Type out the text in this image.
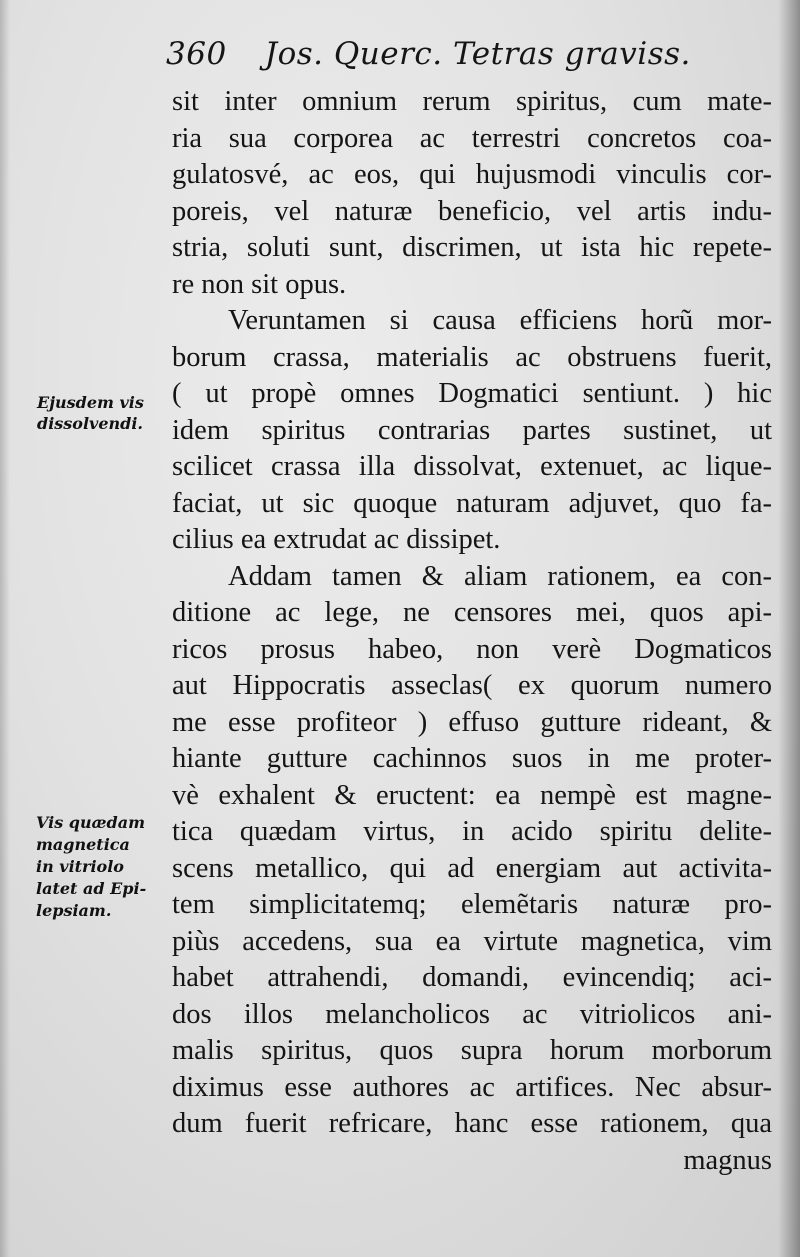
360 Jos. Querc. Tetras graviss.
Ejusdem vis
dissolvendi.
Vis quædam
magnetica
in vitriolo
latet ad Epi-
lepsiam.
sit inter omnium rerum spiritus, cum mate-
ria sua corporea ac terrestri concretos coa-
gulatosvé, ac eos, qui hujusmodi vinculis cor-
poreis, vel naturæ beneficio, vel artis indu-
stria, soluti sunt, discrimen, ut ista hic repete-
re non sit opus.
Veruntamen si causa efficiens horũ mor-
borum crassa, materialis ac obstruens fuerit,
( ut propè omnes Dogmatici sentiunt. ) hic
idem spiritus contrarias partes sustinet, ut
scilicet crassa illa dissolvat, extenuet, ac lique-
faciat, ut sic quoque naturam adjuvet, quo fa-
cilius ea extrudat ac dissipet.
Addam tamen & aliam rationem, ea con-
ditione ac lege, ne censores mei, quos api-
ricos prosus habeo, non verè Dogmaticos
aut Hippocratis asseclas( ex quorum numero
me esse profiteor ) effuso gutture rideant, &
hiante gutture cachinnos suos in me proter-
vè exhalent & eructent: ea nempè est magne-
tica quædam virtus, in acido spiritu delite-
scens metallico, qui ad energiam aut activita-
tem simplicitatemq; elemẽtaris naturæ pro-
piùs accedens, sua ea virtute magnetica, vim
habet attrahendi, domandi, evincendiq; aci-
dos illos melancholicos ac vitriolicos ani-
malis spiritus, quos supra horum morborum
diximus esse authores ac artifices. Nec absur-
dum fuerit refricare, hanc esse rationem, qua
magnus
